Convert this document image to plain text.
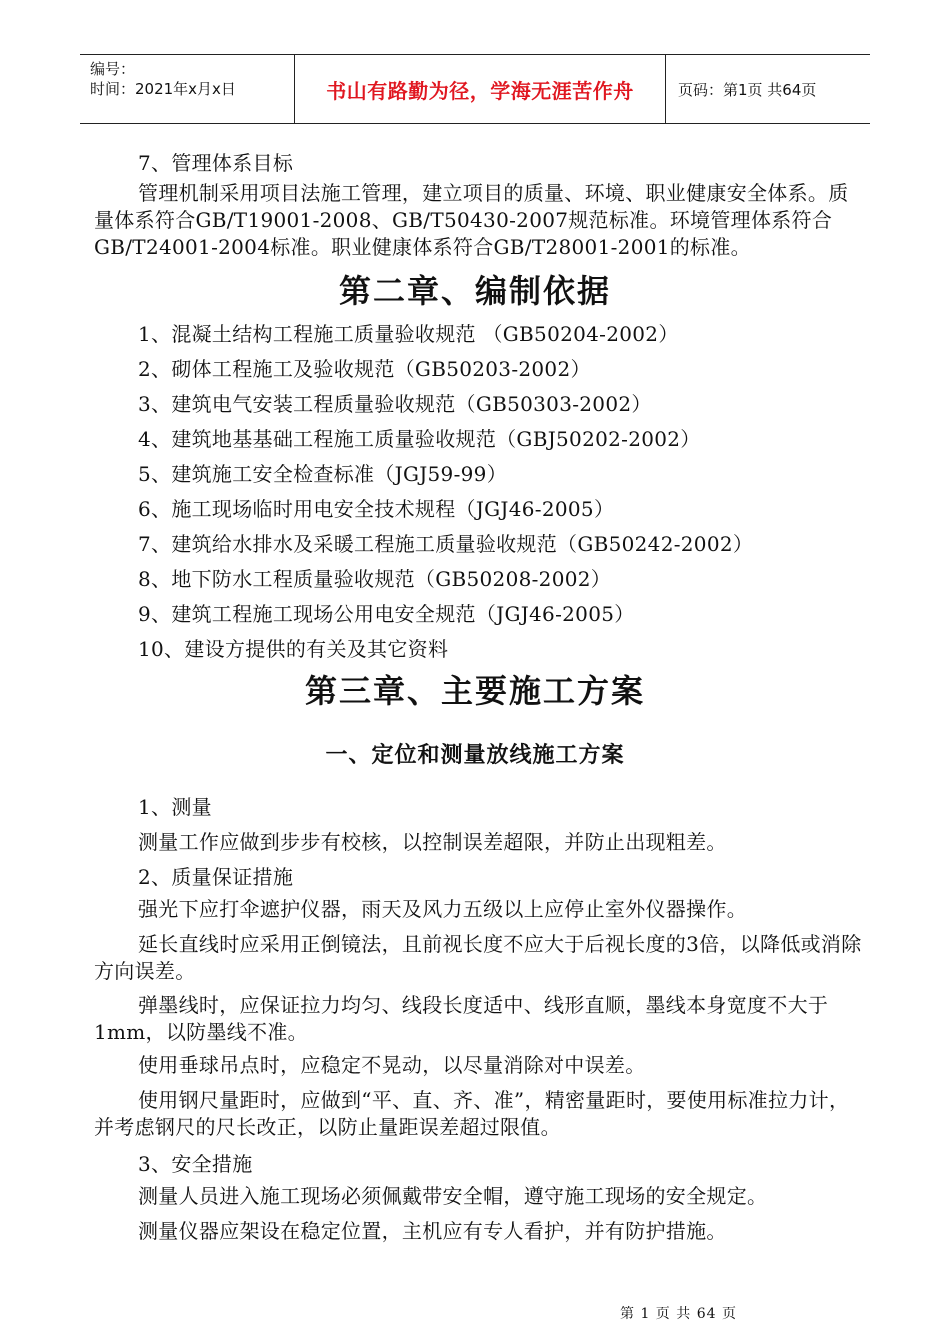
编号：
时间：2021年x月x日	书山有路勤为径，学海无涯苦作舟	页码：第1页 共64页
7、管理体系目标
管理机制采用项目法施工管理，建立项目的质量、环境、职业健康安全体系。质量体系符合GB/T19001-2008、GB/T50430-2007规范标准。环境管理体系符合GB/T24001-2004标准。职业健康体系符合GB/T28001-2001的标准。
第二章、编制依据
1、混凝土结构工程施工质量验收规范 （GB50204-2002）
2、砌体工程施工及验收规范（GB50203-2002）
3、建筑电气安装工程质量验收规范（GB50303-2002）
4、建筑地基基础工程施工质量验收规范（GBJ50202-2002）
5、建筑施工安全检查标准（JGJ59-99）
6、施工现场临时用电安全技术规程（JGJ46-2005）
7、建筑给水排水及采暖工程施工质量验收规范（GB50242-2002）
8、地下防水工程质量验收规范（GB50208-2002）
9、建筑工程施工现场公用电安全规范（JGJ46-2005）
10、建设方提供的有关及其它资料
第三章、主要施工方案
一、定位和测量放线施工方案
1、测量
测量工作应做到步步有校核，以控制误差超限，并防止出现粗差。
2、质量保证措施
强光下应打伞遮护仪器，雨天及风力五级以上应停止室外仪器操作。
延长直线时应采用正倒镜法，且前视长度不应大于后视长度的3倍，以降低或消除方向误差。
弹墨线时，应保证拉力均匀、线段长度适中、线形直顺，墨线本身宽度不大于1mm，以防墨线不准。
使用垂球吊点时，应稳定不晃动，以尽量消除对中误差。
使用钢尺量距时，应做到“平、直、齐、准”，精密量距时，要使用标准拉力计，并考虑钢尺的尺长改正，以防止量距误差超过限值。
3、安全措施
测量人员进入施工现场必须佩戴带安全帽，遵守施工现场的安全规定。
测量仪器应架设在稳定位置，主机应有专人看护，并有防护措施。
第 1 页 共 64 页
